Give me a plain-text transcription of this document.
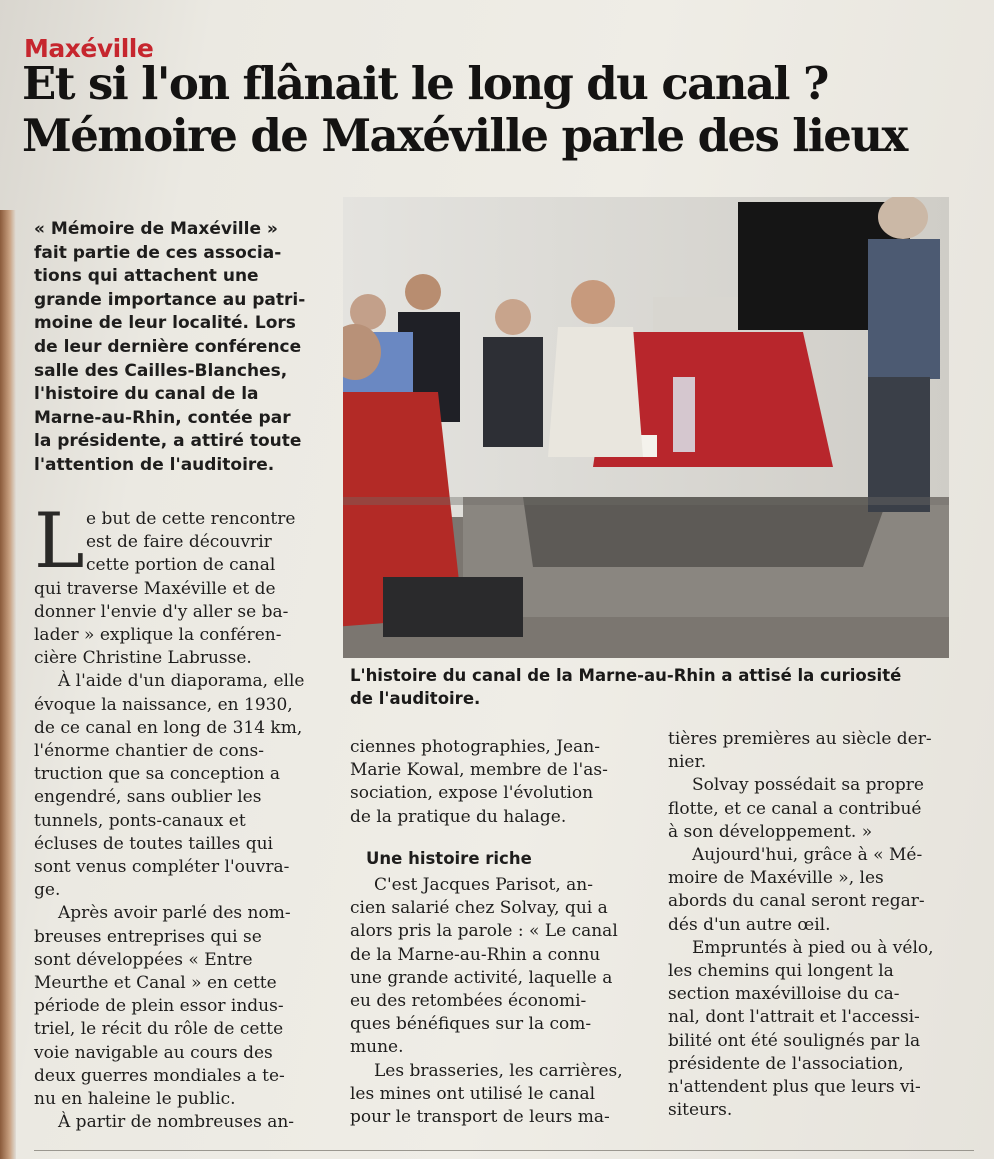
Maxéville
Et si l'on flânait le long du canal ?
Mémoire de Maxéville parle des lieux
« Mémoire de Maxéville »
fait partie de ces associa-
tions qui attachent une
grande importance au patri-
moine de leur localité. Lors
de leur dernière conférence
salle des Cailles-Blanches,
l'histoire du canal de la
Marne-au-Rhin, contée par
la présidente, a attiré toute
l'attention de l'auditoire.
L'histoire du canal de la Marne-au-Rhin a attisé la curiosité
de l'auditoire.
L e but de cette rencontre
est de faire découvrir
cette portion de canal
qui traverse Maxéville et de
donner l'envie d'y aller se ba-
lader » explique la conféren-
cière Christine Labrusse.
À l'aide d'un diaporama, elle
évoque la naissance, en 1930,
de ce canal en long de 314 km,
l'énorme chantier de cons-
truction que sa conception a
engendré, sans oublier les
tunnels, ponts-canaux et
écluses de toutes tailles qui
sont venus compléter l'ouvra-
ge.
Après avoir parlé des nom-
breuses entreprises qui se
sont développées « Entre
Meurthe et Canal » en cette
période de plein essor indus-
triel, le récit du rôle de cette
voie navigable au cours des
deux guerres mondiales a te-
nu en haleine le public.
À partir de nombreuses an-
ciennes photographies, Jean-
Marie Kowal, membre de l'as-
sociation, expose l'évolution
de la pratique du halage.
Une histoire riche
C'est Jacques Parisot, an-
cien salarié chez Solvay, qui a
alors pris la parole : « Le canal
de la Marne-au-Rhin a connu
une grande activité, laquelle a
eu des retombées économi-
ques bénéfiques sur la com-
mune.
Les brasseries, les carrières,
les mines ont utilisé le canal
pour le transport de leurs ma-
tières premières au siècle der-
nier.
Solvay possédait sa propre
flotte, et ce canal a contribué
à son développement. »
Aujourd'hui, grâce à « Mé-
moire de Maxéville », les
abords du canal seront regar-
dés d'un autre œil.
Empruntés à pied ou à vélo,
les chemins qui longent la
section maxévilloise du ca-
nal, dont l'attrait et l'accessi-
bilité ont été soulignés par la
présidente de l'association,
n'attendent plus que leurs vi-
siteurs.
